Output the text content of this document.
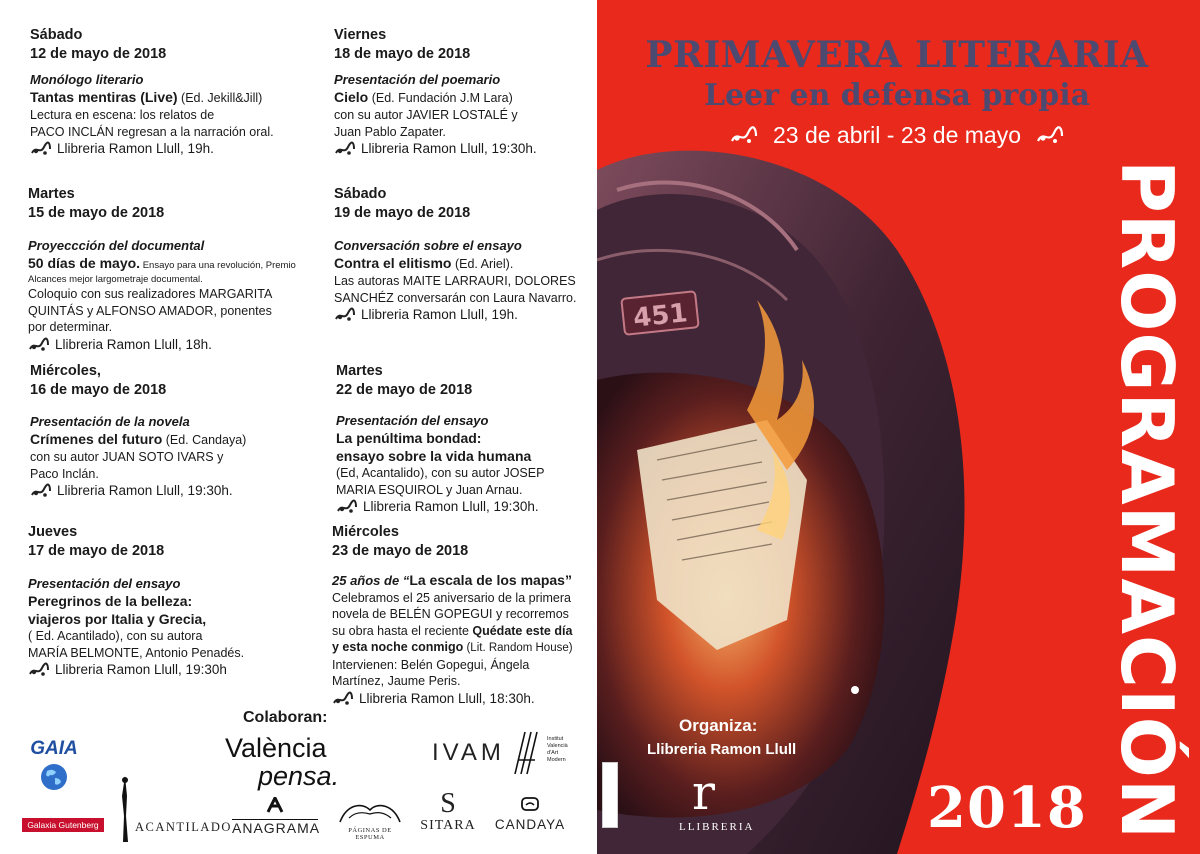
Sábado
12 de mayo de 2018
Monólogo literario
Tantas mentiras (Live) (Ed. Jekill&Jill)

Lectura en escena: los relatos de

PACO INCLÁN regresan a la narración oral.

Llibreria Ramon Llull, 19h.
Martes
15 de mayo de 2018
Proyeccción del documental
50 días de mayo. Ensayo para una revolución, Premio Alcances mejor largometraje documental.

Coloquio con sus realizadores MARGARITA

QUINTÁS y ALFONSO AMADOR, ponentes

por determinar.

Llibreria Ramon Llull, 18h.
Miércoles,
16 de mayo de 2018
Presentación de la novela
Crímenes del futuro (Ed. Candaya)

con su autor JUAN SOTO IVARS y

Paco Inclán.

Llibreria Ramon Llull, 19:30h.
Jueves
17 de mayo de 2018
Presentación del ensayo
Peregrinos de la belleza:
viajeros por Italia y Grecia,

( Ed. Acantilado), con su autora

MARÍA BELMONTE, Antonio Penadés.

Llibreria Ramon Llull, 19:30h
Viernes
18 de mayo de 2018
Presentación del poemario
Cielo (Ed. Fundación J.M Lara)

con su autor JAVIER LOSTALÉ y

Juan Pablo Zapater.

Llibreria Ramon Llull, 19:30h.
Sábado
19 de mayo de 2018
Conversación sobre el ensayo
Contra el elitismo (Ed. Ariel).

Las autoras MAITE LARRAURI, DOLORES

SANCHÉZ conversarán con Laura Navarro.

Llibreria Ramon Llull, 19h.
Martes
22 de mayo de 2018
Presentación del ensayo
La penúltima bondad:
ensayo sobre la vida humana

(Ed, Acantalido), con su autor JOSEP

MARIA ESQUIROL y Juan Arnau.

Llibreria Ramon Llull, 19:30h.
Miércoles
23 de mayo de 2018
25 años de “La escala de los mapas”

Celebramos el 25 aniversario de la primera

novela de BELÉN GOPEGUI y recorremos

su obra hasta el reciente Quédate este día

y esta noche conmigo (Lit. Random House)

Intervienen: Belén Gopegui, Ángela

Martínez, Jaume Peris.

Llibreria Ramon Llull, 18:30h.
Colaboran:
GAIA
Galaxia Gutenberg	ACANTILADO
València
pensa.
ANAGRAMA	PÁGINAS DE ESPUMA
IVAM	Institut
Valencià
d'Art
Modern
S
SITARA	CANDAYA
451
PRIMAVERA LITERARIA
Leer en defensa propia
23 de abril - 23 de mayo
PROGRAMACIÓN
Organiza:
Llibreria Ramon Llull
r
LLIBRERIA	2018
